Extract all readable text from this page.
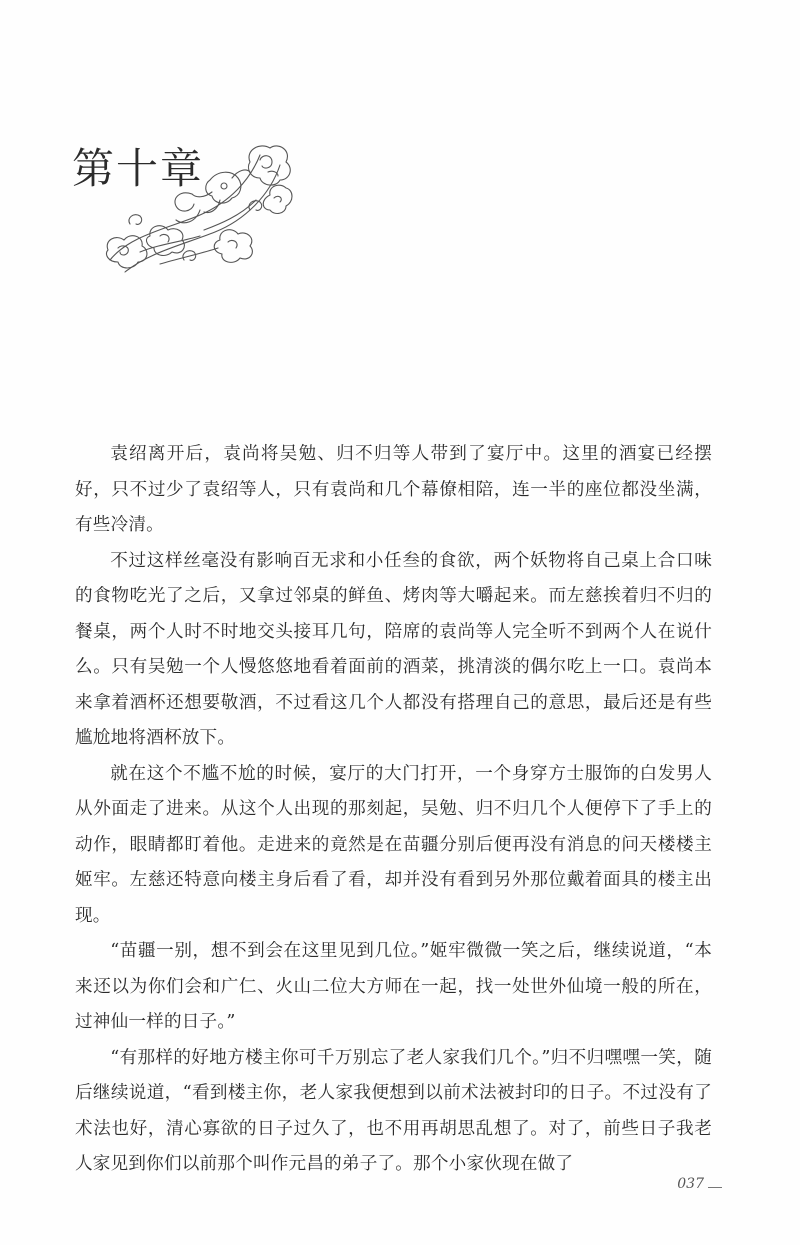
第十章

袁绍离开后，袁尚将吴勉、归不归等人带到了宴厅中。这里的酒宴已经摆好，只不过少了袁绍等人，只有袁尚和几个幕僚相陪，连一半的座位都没坐满，有些冷清。

不过这样丝毫没有影响百无求和小任叁的食欲，两个妖物将自己桌上合口味的食物吃光了之后，又拿过邻桌的鲜鱼、烤肉等大嚼起来。而左慈挨着归不归的餐桌，两个人时不时地交头接耳几句，陪席的袁尚等人完全听不到两个人在说什么。只有吴勉一个人慢悠悠地看着面前的酒菜，挑清淡的偶尔吃上一口。袁尚本来拿着酒杯还想要敬酒，不过看这几个人都没有搭理自己的意思，最后还是有些尴尬地将酒杯放下。

就在这个不尴不尬的时候，宴厅的大门打开，一个身穿方士服饰的白发男人从外面走了进来。从这个人出现的那刻起，吴勉、归不归几个人便停下了手上的动作，眼睛都盯着他。走进来的竟然是在苗疆分别后便再没有消息的问天楼楼主姬牢。左慈还特意向楼主身后看了看，却并没有看到另外那位戴着面具的楼主出现。

“苗疆一别，想不到会在这里见到几位。”姬牢微微一笑之后，继续说道，“本来还以为你们会和广仁、火山二位大方师在一起，找一处世外仙境一般的所在，过神仙一样的日子。”

“有那样的好地方楼主你可千万别忘了老人家我们几个。”归不归嘿嘿一笑，随后继续说道，“看到楼主你，老人家我便想到以前术法被封印的日子。不过没有了术法也好，清心寡欲的日子过久了，也不用再胡思乱想了。对了，前些日子我老人家见到你们以前那个叫作元昌的弟子了。那个小家伙现在做了

037
